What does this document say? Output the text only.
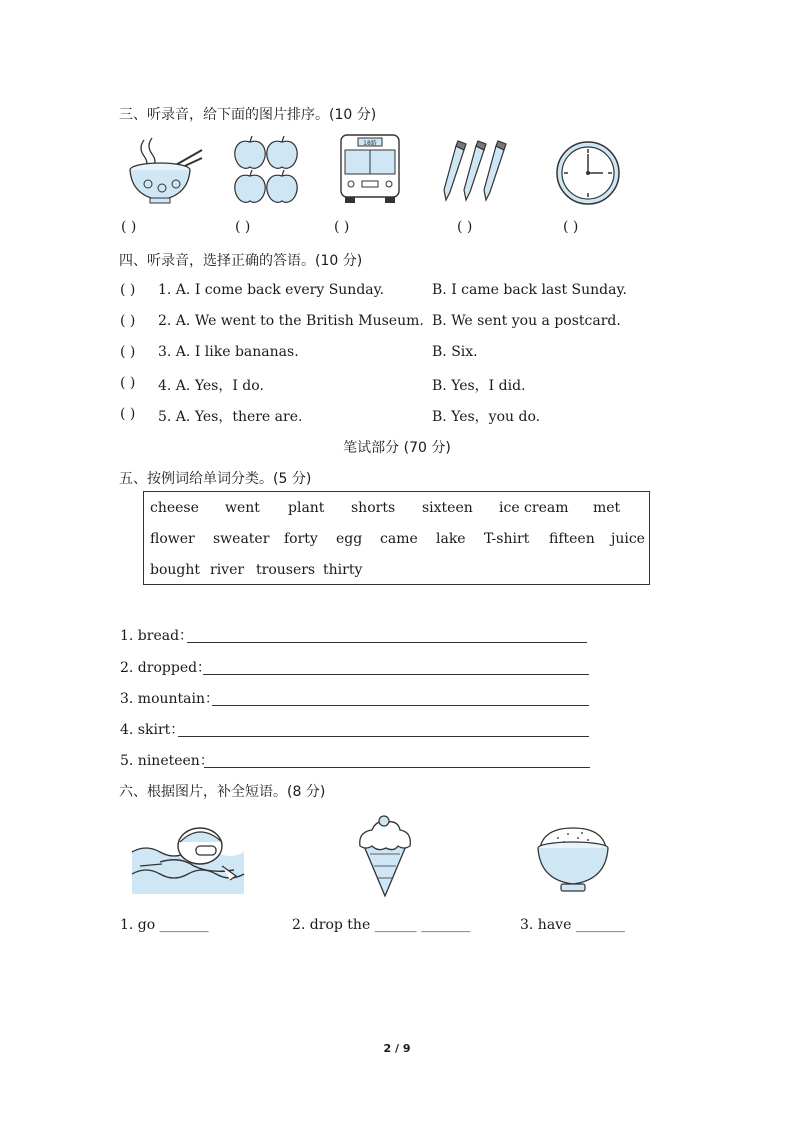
三、听录音，给下面的图片排序。(10 分)
18路
( )	( )	( )	( )	( )
四、听录音，选择正确的答语。(10 分)
( ) 1. A. I come back every Sunday.	B. I came back last Sunday.
( ) 2. A. We went to the British Museum. B. We sent you a postcard.
( ) 3. A. I like bananas.	B. Six.
( ) 4. A. Yes，I do.	B. Yes，I did.
( ) 5. A. Yes，there are.	B. Yes，you do.
笔试部分 (70 分)
五、按例词给单词分类。(5 分)
cheese went plant shorts sixteen ice cream met
flower sweater forty egg came lake T-shirt fifteen juice
bought river trousers thirty
1. bread：
2. dropped：
3. mountain：
4. skirt：
5. nineteen：
六、根据图片，补全短语。(8 分)
1. go _______	2. drop the ______ _______	3. have _______
2 / 9
